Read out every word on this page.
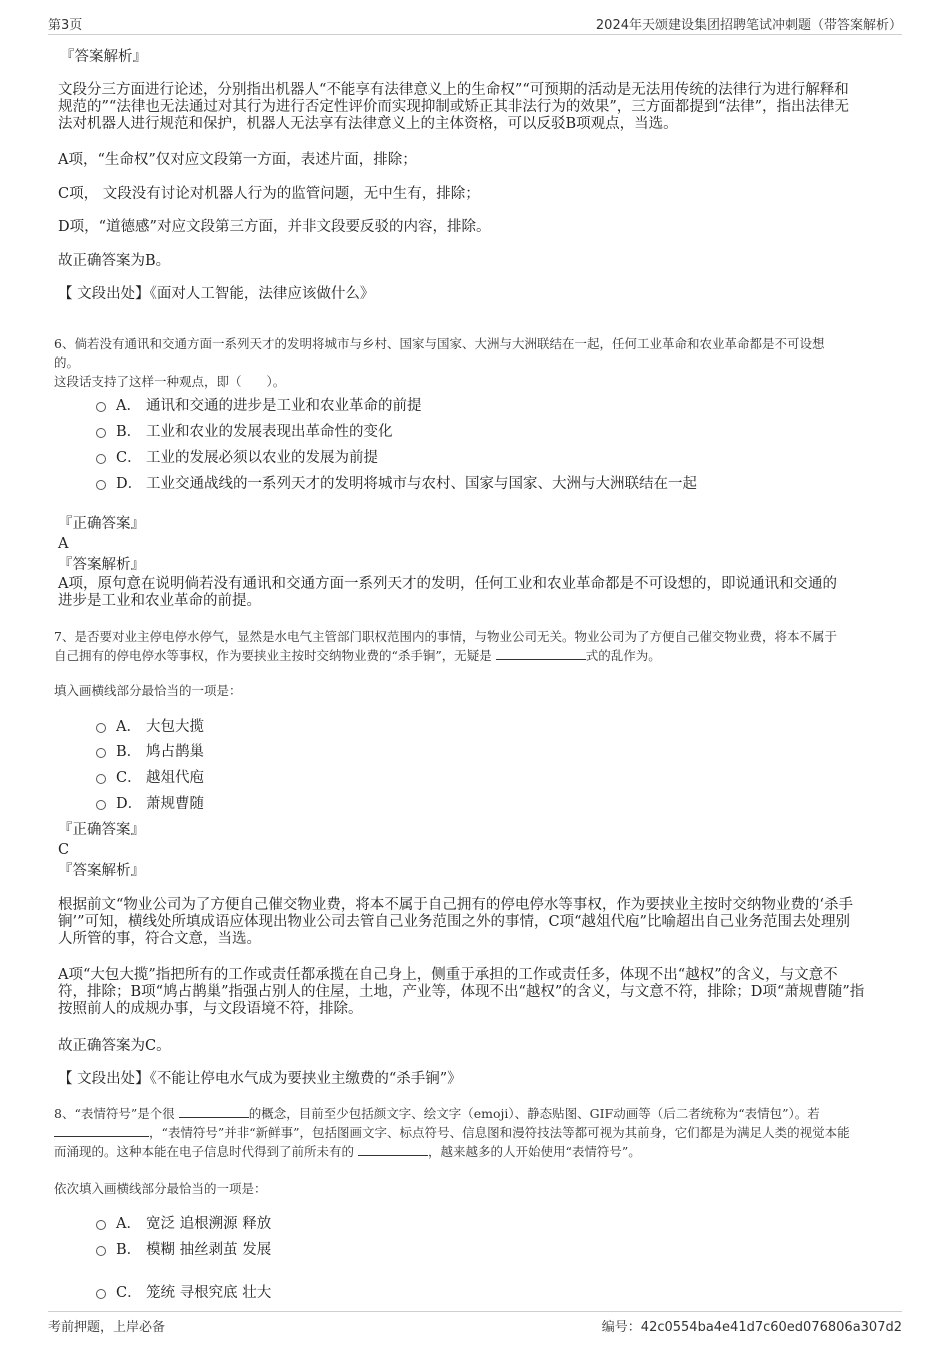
第3页	2024年天颂建设集团招聘笔试冲刺题（带答案解析）
『答案解析』
文段分三方面进行论述，分别指出机器人“不能享有法律意义上的生命权”“可预期的活动是无法用传统的法律行为进行解释和
规范的”“法律也无法通过对其行为进行否定性评价而实现抑制或矫正其非法行为的效果”，三方面都提到“法律”，指出法律无
法对机器人进行规范和保护，机器人无法享有法律意义上的主体资格，可以反驳B项观点，当选。
A项，“生命权”仅对应文段第一方面，表述片面，排除；
C项， 文段没有讨论对机器人行为的监管问题，无中生有，排除；
D项，“道德感”对应文段第三方面，并非文段要反驳的内容，排除。
故正确答案为B。
【 文段出处】《面对人工智能，法律应该做什么》
6、倘若没有通讯和交通方面一系列天才的发明将城市与乡村、国家与国家、大洲与大洲联结在一起，任何工业革命和农业革命都是不可设想
的。
这段话支持了这样一种观点，即（　　）。
A． 通讯和交通的进步是工业和农业革命的前提
B． 工业和农业的发展表现出革命性的变化
C． 工业的发展必须以农业的发展为前提
D． 工业交通战线的一系列天才的发明将城市与农村、国家与国家、大洲与大洲联结在一起
『正确答案』
A
『答案解析』
A项，原句意在说明倘若没有通讯和交通方面一系列天才的发明，任何工业和农业革命都是不可设想的，即说通讯和交通的
进步是工业和农业革命的前提。
7、是否要对业主停电停水停气，显然是水电气主管部门职权范围内的事情，与物业公司无关。物业公司为了方便自己催交物业费，将本不属于
自己拥有的停电停水等事权，作为要挟业主按时交纳物业费的“杀手锏”，无疑是	式的乱作为。
填入画横线部分最恰当的一项是：
A． 大包大揽
B． 鸠占鹊巢
C． 越俎代庖
D． 萧规曹随
『正确答案』
C
『答案解析』
根据前文“物业公司为了方便自己催交物业费，将本不属于自己拥有的停电停水等事权，作为要挟业主按时交纳物业费的‘杀手
锏’”可知，横线处所填成语应体现出物业公司去管自己业务范围之外的事情，C项“越俎代庖”比喻超出自己业务范围去处理别
人所管的事，符合文意，当选。
A项“大包大揽”指把所有的工作或责任都承揽在自己身上，侧重于承担的工作或责任多，体现不出“越权”的含义，与文意不
符，排除；B项“鸠占鹊巢”指强占别人的住屋，土地，产业等，体现不出“越权”的含义，与文意不符，排除；D项“萧规曹随”指
按照前人的成规办事，与文段语境不符，排除。
故正确答案为C。
【 文段出处】《不能让停电水气成为要挟业主缴费的“杀手锏”》
8、“表情符号”是个很	的概念，目前至少包括颜文字、绘文字（emoji）、静态贴图、GIF动画等（后二者统称为“表情包”）。若
，“表情符号”并非“新鲜事”，包括图画文字、标点符号、信息图和漫符技法等都可视为其前身，它们都是为满足人类的视觉本能
而涌现的。这种本能在电子信息时代得到了前所未有的	，越来越多的人开始使用“表情符号”。
依次填入画横线部分最恰当的一项是：
A． 宽泛 追根溯源 释放
B． 模糊 抽丝剥茧 发展
C． 笼统 寻根究底 壮大
考前押题，上岸必备	编号：42c0554ba4e41d7c60ed076806a307d2
